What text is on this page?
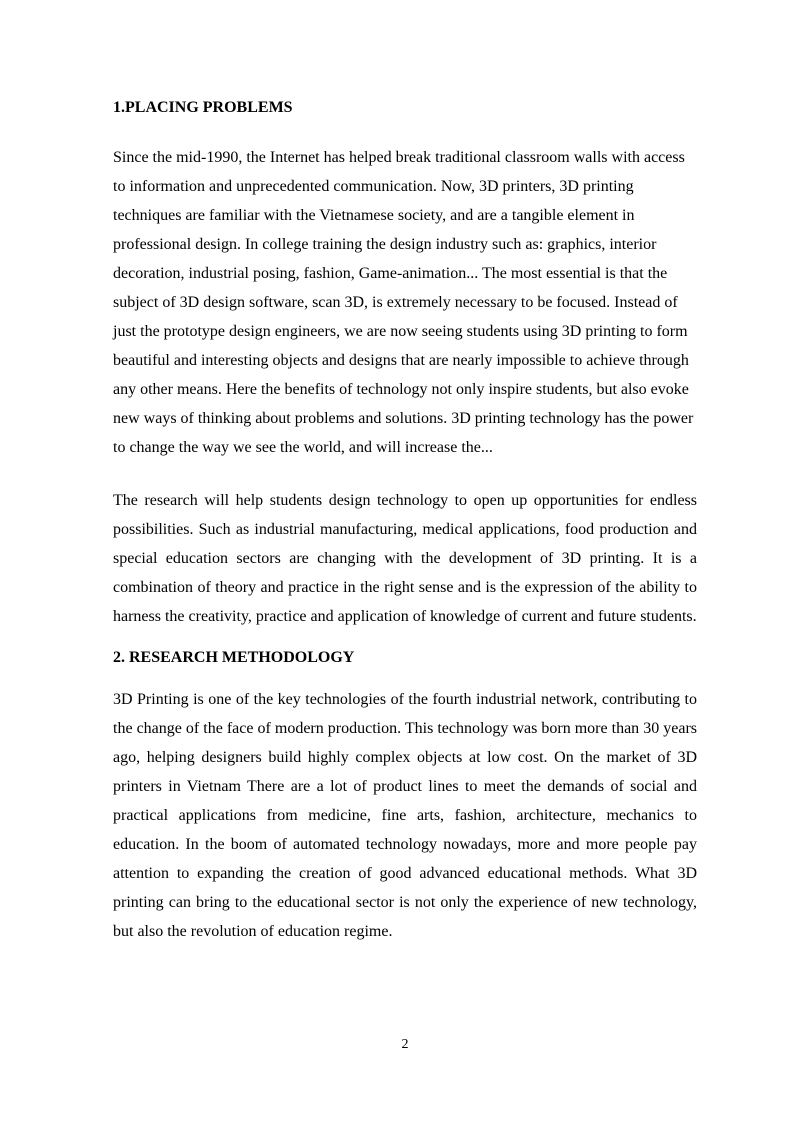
1.PLACING PROBLEMS

Since the mid-1990, the Internet has helped break traditional classroom walls with access to information and unprecedented communication. Now, 3D printers, 3D printing techniques are familiar with the Vietnamese society, and are a tangible element in professional design. In college training the design industry such as: graphics, interior decoration, industrial posing, fashion, Game-animation... The most essential is that the subject of 3D design software, scan 3D, is extremely necessary to be focused. Instead of just the prototype design engineers, we are now seeing students using 3D printing to form beautiful and interesting objects and designs that are nearly impossible to achieve through any other means. Here the benefits of technology not only inspire students, but also evoke new ways of thinking about problems and solutions. 3D printing technology has the power to change the way we see the world, and will increase the...

The research will help students design technology to open up opportunities for endless possibilities. Such as industrial manufacturing, medical applications, food production and special education sectors are changing with the development of 3D printing. It is a combination of theory and practice in the right sense and is the expression of the ability to harness the creativity, practice and application of knowledge of current and future students.

2. RESEARCH METHODOLOGY

3D Printing is one of the key technologies of the fourth industrial network, contributing to the change of the face of modern production. This technology was born more than 30 years ago, helping designers build highly complex objects at low cost. On the market of 3D printers in Vietnam There are a lot of product lines to meet the demands of social and practical applications from medicine, fine arts, fashion, architecture, mechanics to education. In the boom of automated technology nowadays, more and more people pay attention to expanding the creation of good advanced educational methods. What 3D printing can bring to the educational sector is not only the experience of new technology, but also the revolution of education regime.

2
